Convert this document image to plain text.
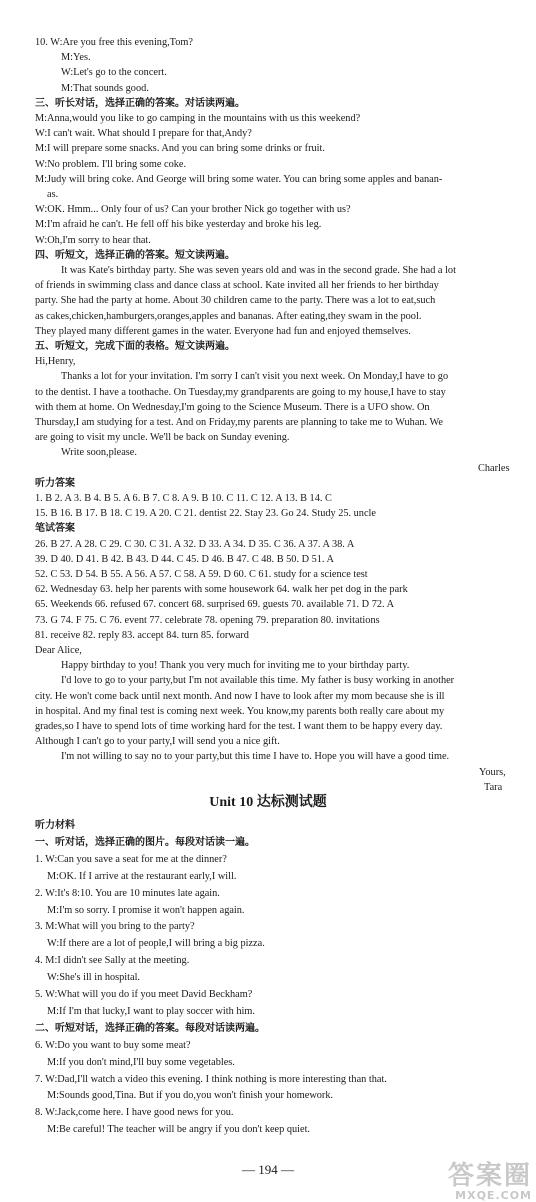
10. W:Are you free this evening,Tom?
M:Yes.
W:Let's go to the concert.
M:That sounds good.
三、听长对话，选择正确的答案。对话读两遍。
M:Anna,would you like to go camping in the mountains with us this weekend?
W:I can't wait. What should I prepare for that,Andy?
M:I will prepare some snacks. And you can bring some drinks or fruit.
W:No problem. I'll bring some coke.
M:Judy will bring coke. And George will bring some water. You can bring some apples and banan-
as.
W:OK. Hmm... Only four of us? Can your brother Nick go together with us?
M:I'm afraid he can't. He fell off his bike yesterday and broke his leg.
W:Oh,I'm sorry to hear that.
四、听短文，选择正确的答案。短文读两遍。
It was Kate's birthday party. She was seven years old and was in the second grade. She had a lot
of friends in swimming class and dance class at school. Kate invited all her friends to her birthday
party. She had the party at home. About 30 children came to the party. There was a lot to eat,such
as cakes,chicken,hamburgers,oranges,apples and bananas. After eating,they swam in the pool.
They played many different games in the water. Everyone had fun and enjoyed themselves.
五、听短文，完成下面的表格。短文读两遍。
Hi,Henry,
Thanks a lot for your invitation. I'm sorry I can't visit you next week. On Monday,I have to go
to the dentist. I have a toothache. On Tuesday,my grandparents are going to my house,I have to stay
with them at home. On Wednesday,I'm going to the Science Museum. There is a UFO show. On
Thursday,I am studying for a test. And on Friday,my parents are planning to take me to Wuhan. We
are going to visit my uncle. We'll be back on Sunday evening.
Write soon,please.
Charles
听力答案
1. B 2. A 3. B 4. B 5. A 6. B 7. C 8. A 9. B 10. C 11. C 12. A 13. B 14. C
15. B 16. B 17. B 18. C 19. A 20. C 21. dentist 22. Stay 23. Go 24. Study 25. uncle
笔试答案
26. B 27. A 28. C 29. C 30. C 31. A 32. D 33. A 34. D 35. C 36. A 37. A 38. A
39. D 40. D 41. B 42. B 43. D 44. C 45. D 46. B 47. C 48. B 50. D 51. A
52. C 53. D 54. B 55. A 56. A 57. C 58. A 59. D 60. C 61. study for a science test
62. Wednesday 63. help her parents with some housework 64. walk her pet dog in the park
65. Weekends 66. refused 67. concert 68. surprised 69. guests 70. available 71. D 72. A
73. G 74. F 75. C 76. event 77. celebrate 78. opening 79. preparation 80. invitations
81. receive 82. reply 83. accept 84. turn 85. forward
Dear Alice,
Happy birthday to you! Thank you very much for inviting me to your birthday party.
I'd love to go to your party,but I'm not available this time. My father is busy working in another
city. He won't come back until next month. And now I have to look after my mom because she is ill
in hospital. And my final test is coming next week. You know,my parents both really care about my
grades,so I have to spend lots of time working hard for the test. I want them to be happy every day.
Although I can't go to your party,I will send you a nice gift.
I'm not willing to say no to your party,but this time I have to. Hope you will have a good time.
Yours,
Tara
Unit 10 达标测试题
听力材料
一、听对话，选择正确的图片。每段对话读一遍。
1. W:Can you save a seat for me at the dinner?
M:OK. If I arrive at the restaurant early,I will.
2. W:It's 8:10. You are 10 minutes late again.
M:I'm so sorry. I promise it won't happen again.
3. M:What will you bring to the party?
W:If there are a lot of people,I will bring a big pizza.
4. M:I didn't see Sally at the meeting.
W:She's ill in hospital.
5. W:What will you do if you meet David Beckham?
M:If I'm that lucky,I want to play soccer with him.
二、听短对话，选择正确的答案。每段对话读两遍。
6. W:Do you want to buy some meat?
M:If you don't mind,I'll buy some vegetables.
7. W:Dad,I'll watch a video this evening. I think nothing is more interesting than that.
M:Sounds good,Tina. But if you do,you won't finish your homework.
8. W:Jack,come here. I have good news for you.
M:Be careful! The teacher will be angry if you don't keep quiet.
— 194 —	答案圈
MXQE.COM
